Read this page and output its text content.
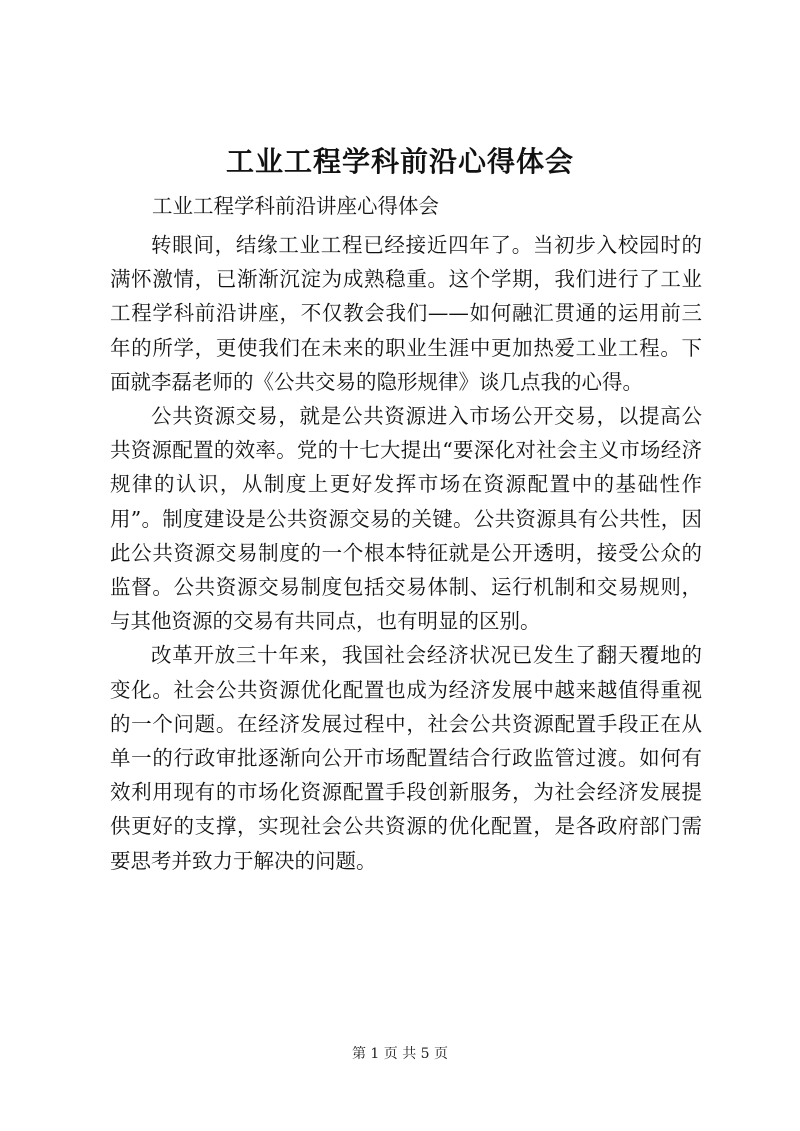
工业工程学科前沿心得体会
工业工程学科前沿讲座心得体会

转眼间，结缘工业工程已经接近四年了。当初步入校园时的满怀激情，已渐渐沉淀为成熟稳重。这个学期，我们进行了工业工程学科前沿讲座，不仅教会我们——如何融汇贯通的运用前三年的所学，更使我们在未来的职业生涯中更加热爱工业工程。下面就李磊老师的《公共交易的隐形规律》谈几点我的心得。

公共资源交易，就是公共资源进入市场公开交易，以提高公共资源配置的效率。党的十七大提出“要深化对社会主义市场经济规律的认识，从制度上更好发挥市场在资源配置中的基础性作用”。制度建设是公共资源交易的关键。公共资源具有公共性，因此公共资源交易制度的一个根本特征就是公开透明，接受公众的监督。公共资源交易制度包括交易体制、运行机制和交易规则，与其他资源的交易有共同点，也有明显的区别。

改革开放三十年来，我国社会经济状况已发生了翻天覆地的变化。社会公共资源优化配置也成为经济发展中越来越值得重视的一个问题。在经济发展过程中，社会公共资源配置手段正在从单一的行政审批逐渐向公开市场配置结合行政监管过渡。如何有效利用现有的市场化资源配置手段创新服务，为社会经济发展提供更好的支撑，实现社会公共资源的优化配置，是各政府部门需要思考并致力于解决的问题。

第 1 页 共 5 页
